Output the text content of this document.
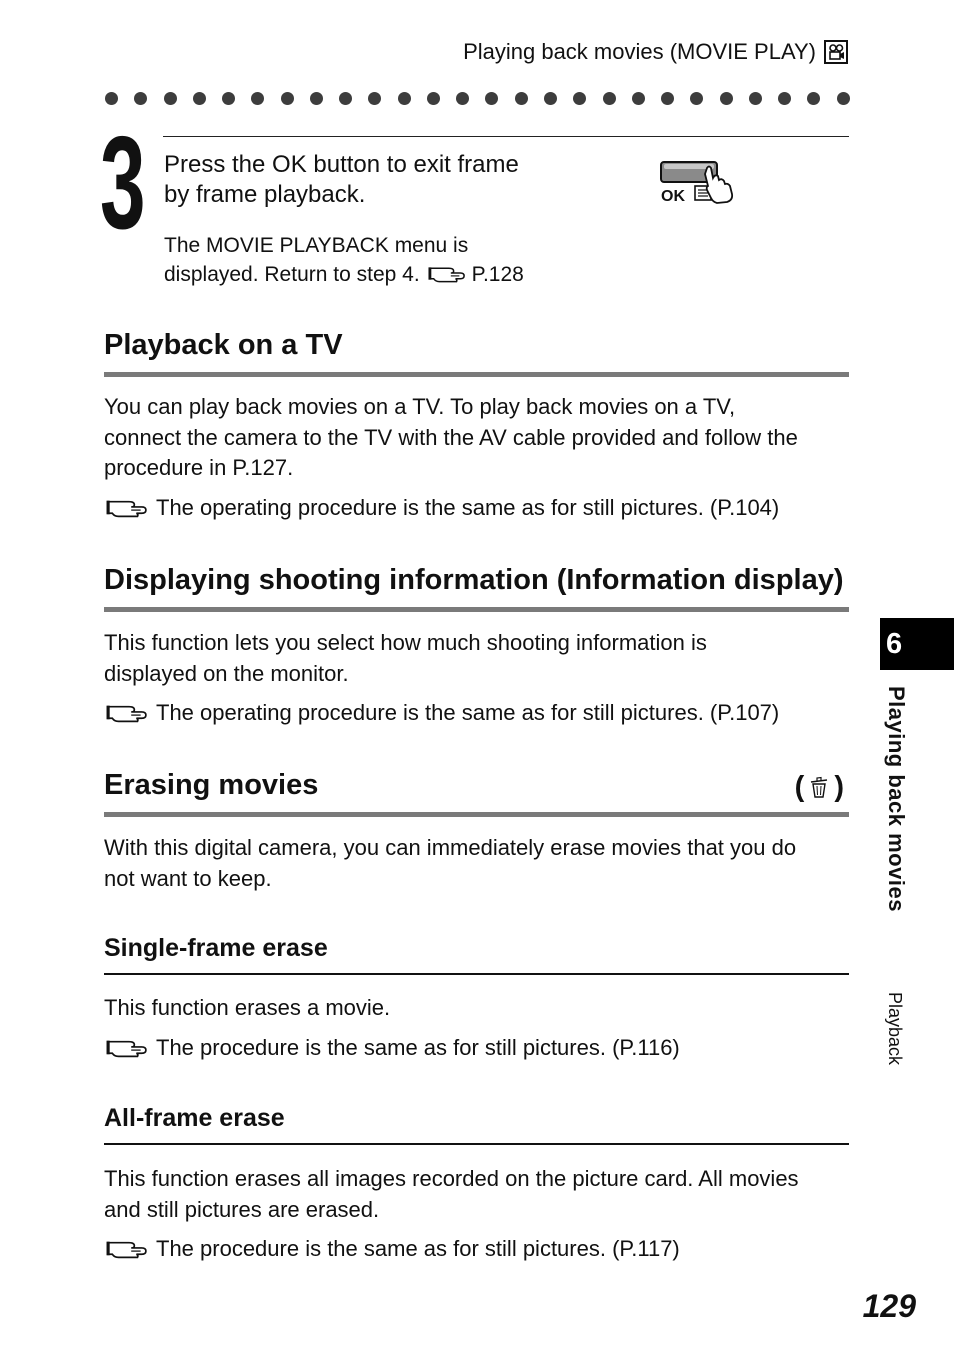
Playing back movies (MOVIE PLAY)
3 Press the OK button to exit frame
by frame playback.
The MOVIE PLAYBACK menu is
displayed. Return to step 4. P.128
OK
Playback on a TV
You can play back movies on a TV. To play back movies on a TV,
connect the camera to the TV with the AV cable provided and follow the
procedure in P.127.
The operating procedure is the same as for still pictures. (P.104)
Displaying shooting information (Information display)
This function lets you select how much shooting information is
displayed on the monitor.
The operating procedure is the same as for still pictures. (P.107)
Erasing movies	( )
With this digital camera, you can immediately erase movies that you do
not want to keep.
Single-frame erase
This function erases a movie.
The procedure is the same as for still pictures. (P.116)
All-frame erase
This function erases all images recorded on the picture card. All movies
and still pictures are erased.
The procedure is the same as for still pictures. (P.117)
6
Playing back movies
Playback
129
